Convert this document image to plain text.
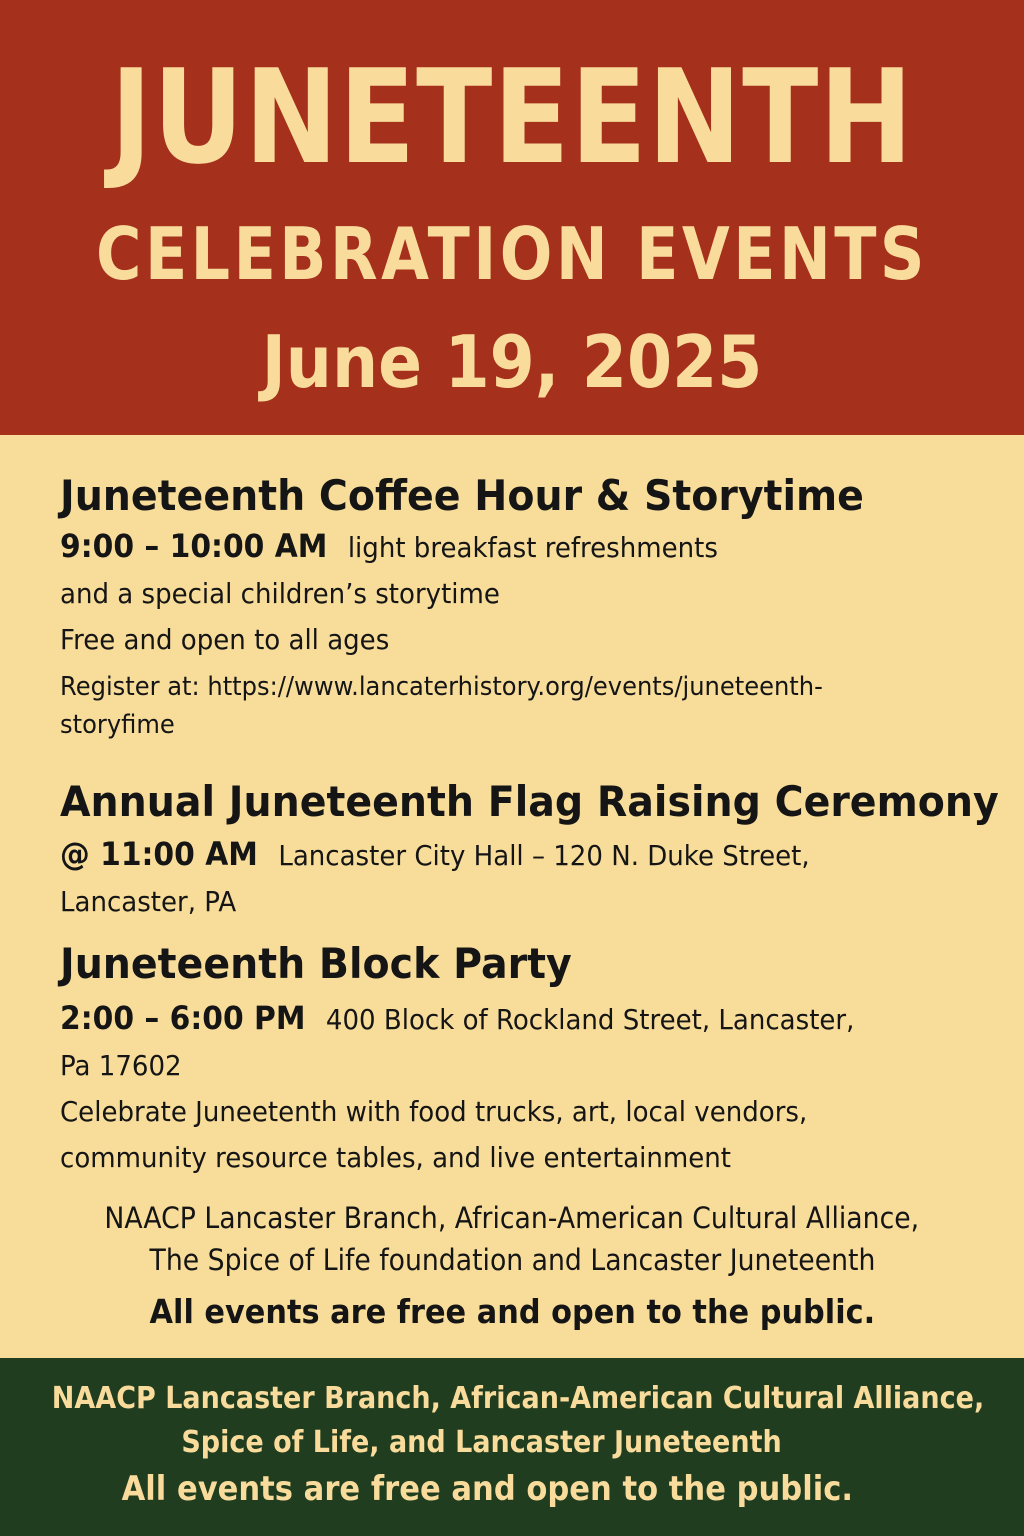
JUNETEENTH
CELEBRATION EVENTS
June 19, 2025
Juneteenth Coffee Hour & Storytime
9:00 – 10:00 AM light breakfast refreshments
and a special children’s storytime
Free and open to all ages
Register at: https://www.lancaterhistory.org/events/juneteenth-
storyfime
Annual Juneteenth Flag Raising Ceremony
@ 11:00 AM Lancaster City Hall – 120 N. Duke Street,
Lancaster, PA
Juneteenth Block Party
2:00 – 6:00 PM 400 Block of Rockland Street, Lancaster,
Pa 17602
Celebrate Juneetenth with food trucks, art, local vendors,
community resource tables, and live entertainment
NAACP Lancaster Branch, African-American Cultural Alliance,
The Spice of Life foundation and Lancaster Juneteenth
All events are free and open to the public.
NAACP Lancaster Branch, African-American Cultural Alliance,
Spice of Life, and Lancaster Juneteenth
All events are free and open to the public.
